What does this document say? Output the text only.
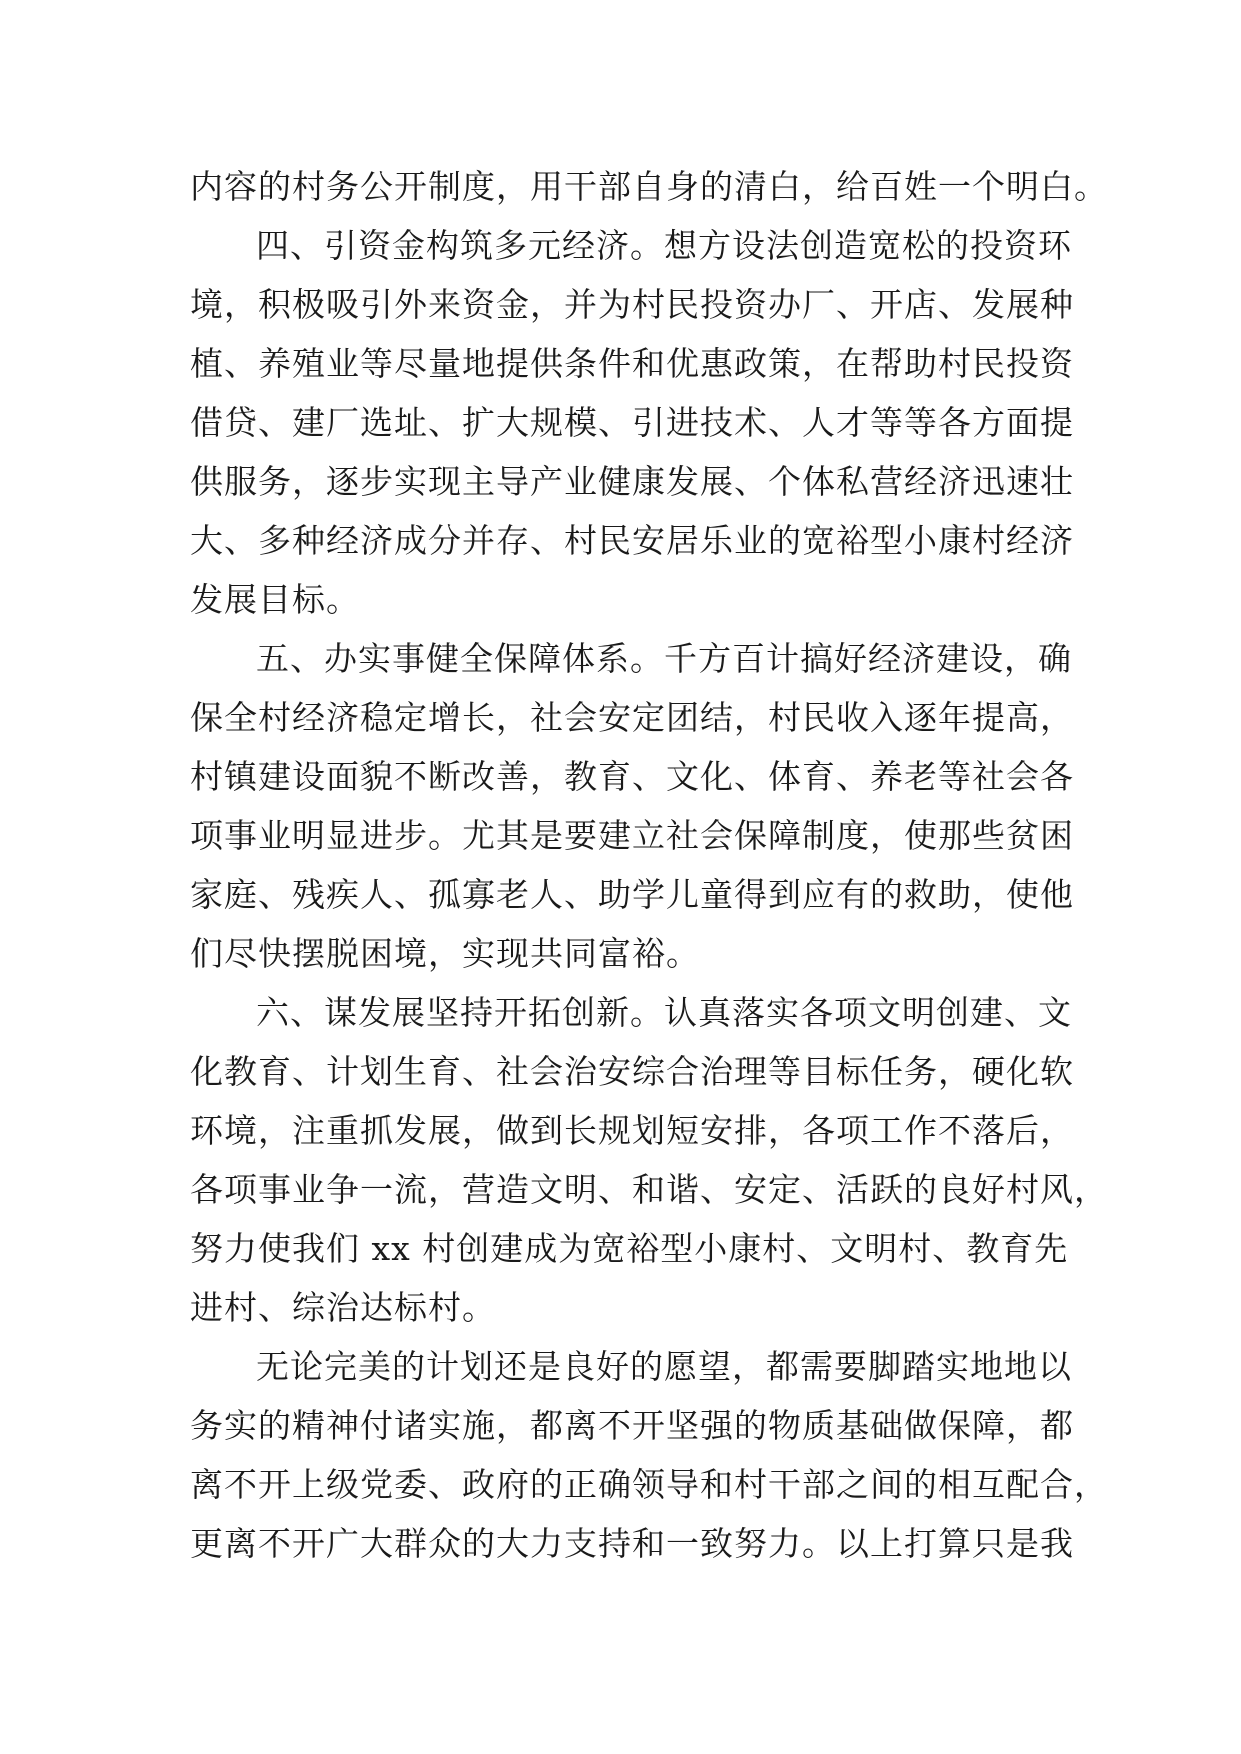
内容的村务公开制度，用干部自身的清白，给百姓一个明白。
四、引资金构筑多元经济。想方设法创造宽松的投资环
境，积极吸引外来资金，并为村民投资办厂、开店、发展种
植、养殖业等尽量地提供条件和优惠政策，在帮助村民投资
借贷、建厂选址、扩大规模、引进技术、人才等等各方面提
供服务，逐步实现主导产业健康发展、个体私营经济迅速壮
大、多种经济成分并存、村民安居乐业的宽裕型小康村经济
发展目标。
五、办实事健全保障体系。千方百计搞好经济建设，确
保全村经济稳定增长，社会安定团结，村民收入逐年提高，
村镇建设面貌不断改善，教育、文化、体育、养老等社会各
项事业明显进步。尤其是要建立社会保障制度，使那些贫困
家庭、残疾人、孤寡老人、助学儿童得到应有的救助，使他
们尽快摆脱困境，实现共同富裕。
六、谋发展坚持开拓创新。认真落实各项文明创建、文
化教育、计划生育、社会治安综合治理等目标任务，硬化软
环境，注重抓发展，做到长规划短安排，各项工作不落后，
各项事业争一流，营造文明、和谐、安定、活跃的良好村风，
努力使我们 xx 村创建成为宽裕型小康村、文明村、教育先
进村、综治达标村。
无论完美的计划还是良好的愿望，都需要脚踏实地地以
务实的精神付诸实施，都离不开坚强的物质基础做保障，都
离不开上级党委、政府的正确领导和村干部之间的相互配合，
更离不开广大群众的大力支持和一致努力。以上打算只是我
